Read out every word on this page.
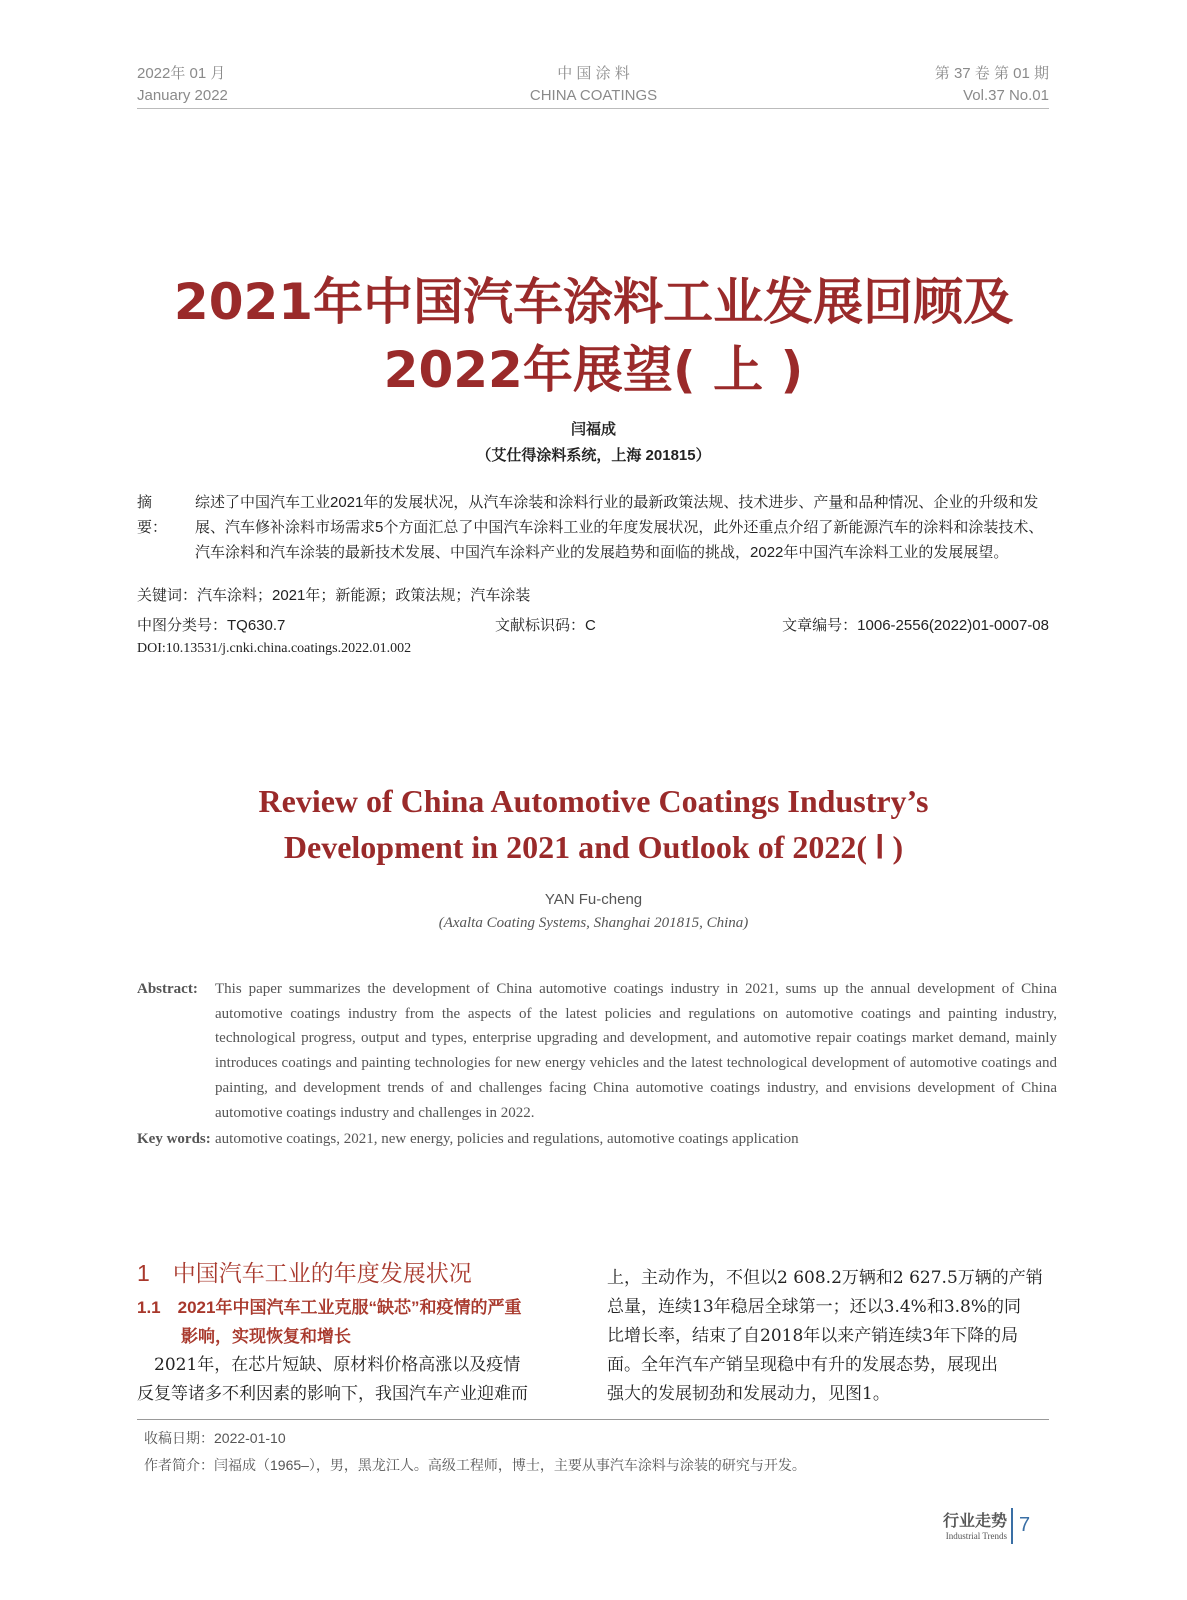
2022年 01 月
January 2022
中 国 涂 料
CHINA COATINGS
第 37 卷 第 01 期
Vol.37 No.01
2021年中国汽车涂料工业发展回顾及
2022年展望( 上 )
闫福成
（艾仕得涂料系统，上海 201815）
摘　要：
综述了中国汽车工业2021年的发展状况，从汽车涂装和涂料行业的最新政策法规、技术进步、产量和品种情况、企业的升级和发展、汽车修补涂料市场需求5个方面汇总了中国汽车涂料工业的年度发展状况，此外还重点介绍了新能源汽车的涂料和涂装技术、汽车涂料和汽车涂装的最新技术发展、中国汽车涂料产业的发展趋势和面临的挑战，2022年中国汽车涂料工业的发展展望。
关键词：汽车涂料；2021年；新能源；政策法规；汽车涂装
中图分类号：TQ630.7	文献标识码：C	文章编号：1006-2556(2022)01-0007-08
DOI:10.13531/j.cnki.china.coatings.2022.01.002
Review of China Automotive Coatings Industry’s
Development in 2021 and Outlook of 2022( Ⅰ )
YAN Fu-cheng
(Axalta Coating Systems, Shanghai 201815, China)
Abstract:	This paper summarizes the development of China automotive coatings industry in 2021, sums up the annual development of China automotive coatings industry from the aspects of the latest policies and regulations on automotive coatings and painting industry, technological progress, output and types, enterprise upgrading and development, and automotive repair coatings market demand, mainly introduces coatings and painting technologies for new energy vehicles and the latest technological development of automotive coatings and painting, and development trends of and challenges facing China automotive coatings industry, and envisions development of China automotive coatings industry and challenges in 2022.
Key words: automotive coatings, 2021, new energy, policies and regulations, automotive coatings application
1　中国汽车工业的年度发展状况
1.1　2021年中国汽车工业克服“缺芯”和疫情的严重
影响，实现恢复和增长
　2021年，在芯片短缺、原材料价格高涨以及疫情
反复等诸多不利因素的影响下，我国汽车产业迎难而
上，主动作为，不但以2 608.2万辆和2 627.5万辆的产销
总量，连续13年稳居全球第一；还以3.4%和3.8%的同
比增长率，结束了自2018年以来产销连续3年下降的局
面。全年汽车产销呈现稳中有升的发展态势，展现出
强大的发展韧劲和发展动力，见图1。
收稿日期：2022-01-10
作者简介：闫福成（1965–），男，黑龙江人。高级工程师，博士，主要从事汽车涂料与涂装的研究与开发。
行业走势
Industrial Trends 7
